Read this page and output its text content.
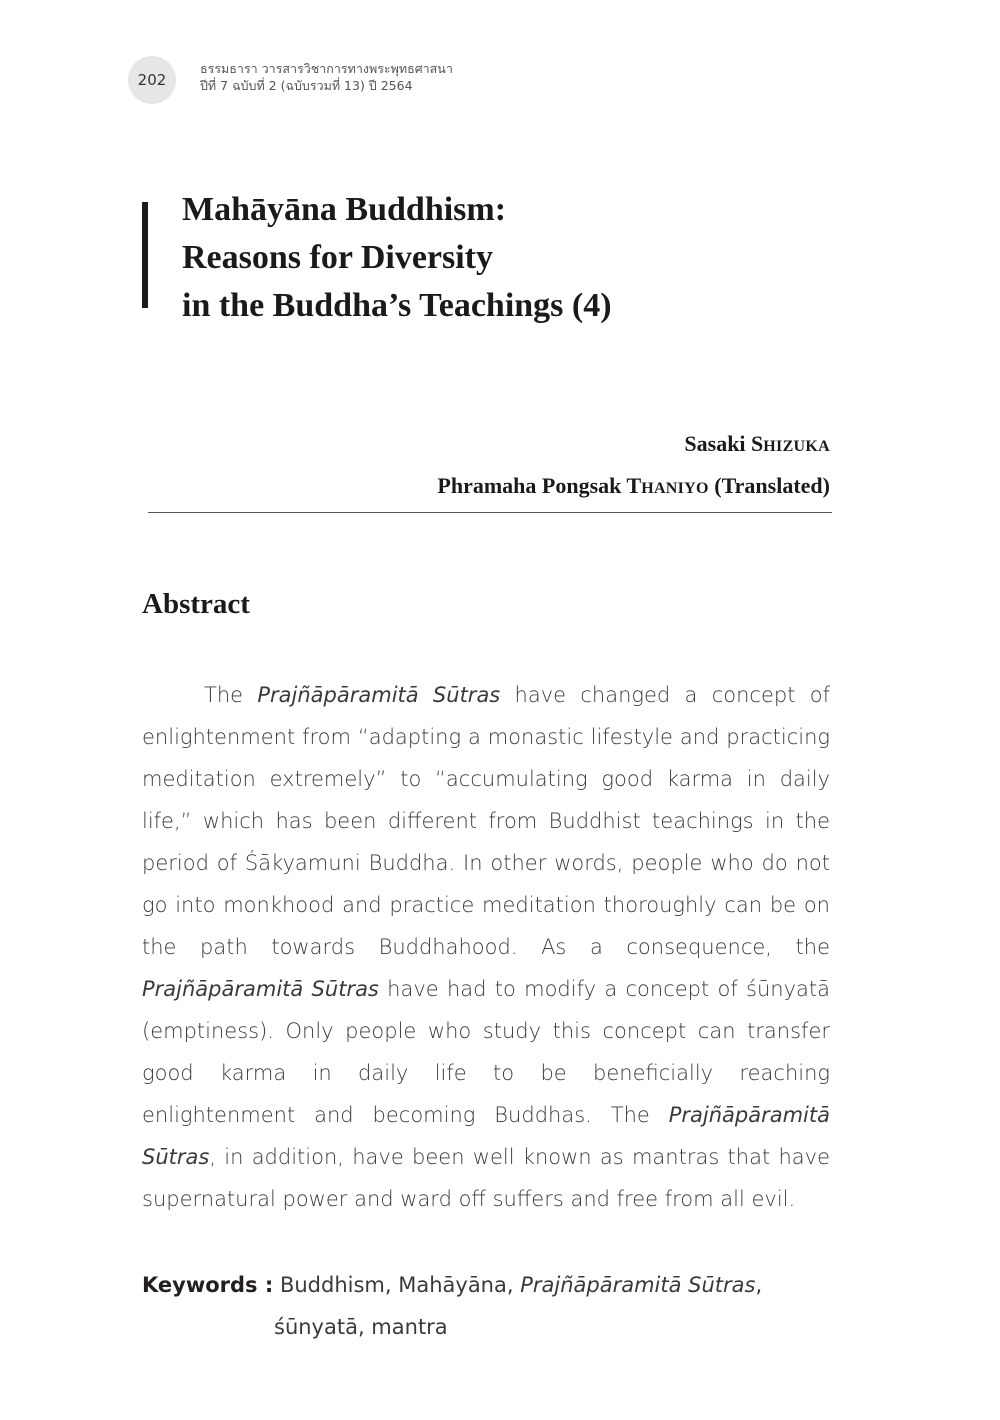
202
ธรรมธารา วารสารวิชาการทางพระพุทธศาสนา
ปีที่ 7 ฉบับที่ 2 (ฉบับรวมที่ 13) ปี 2564
Mahāyāna Buddhism:
Reasons for Diversity
in the Buddha’s Teachings (4)
Sasaki SHIZUKA
Phramaha Pongsak THANIYO (Translated)
Abstract

The Prajñāpāramitā Sūtras have changed a concept of enlightenment from “adapting a monastic lifestyle and practicing meditation extremely” to “accumulating good karma in daily life,” which has been different from Buddhist teachings in the period of Śākyamuni Buddha. In other words, people who do not go into monkhood and practice meditation thoroughly can be on the path towards Buddhahood. As a consequence, the Prajñāpāramitā Sūtras have had to modify a concept of śūnyatā (emptiness). Only people who study this concept can transfer good karma in daily life to be beneficially reaching enlightenment and becoming Buddhas. The Prajñāpāramitā Sūtras, in addition, have been well known as mantras that have supernatural power and ward off suffers and free from all evil.

Keywords : Buddhism, Mahāyāna, Prajñāpāramitā Sūtras,
śūnyatā, mantra
